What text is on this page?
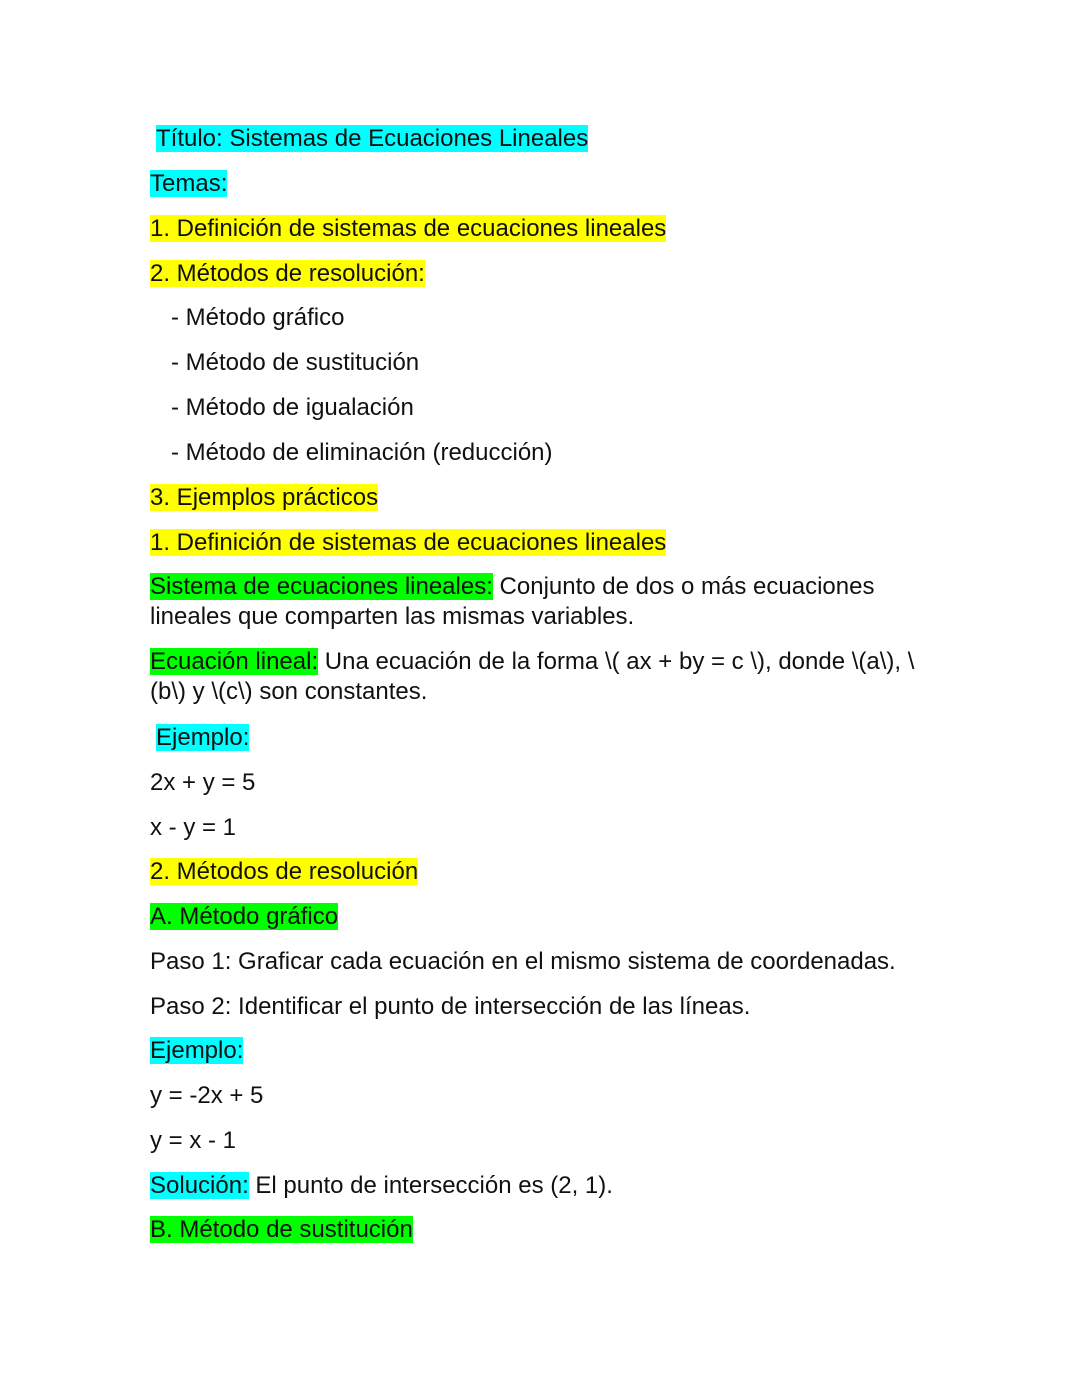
Título: Sistemas de Ecuaciones Lineales
Temas:
1. Definición de sistemas de ecuaciones lineales
2. Métodos de resolución:
- Método gráfico
- Método de sustitución
- Método de igualación
- Método de eliminación (reducción)
3. Ejemplos prácticos
1. Definición de sistemas de ecuaciones lineales
Sistema de ecuaciones lineales: Conjunto de dos o más ecuaciones lineales que comparten las mismas variables.
Ecuación lineal: Una ecuación de la forma \( ax + by = c \), donde \(a\), \(b\) y \(c\) son constantes.
Ejemplo:
2x + y = 5
x - y = 1
2. Métodos de resolución
A. Método gráfico
Paso 1: Graficar cada ecuación en el mismo sistema de coordenadas.
Paso 2: Identificar el punto de intersección de las líneas.
Ejemplo:
y = -2x + 5
y = x - 1
Solución: El punto de intersección es (2, 1).
B. Método de sustitución
